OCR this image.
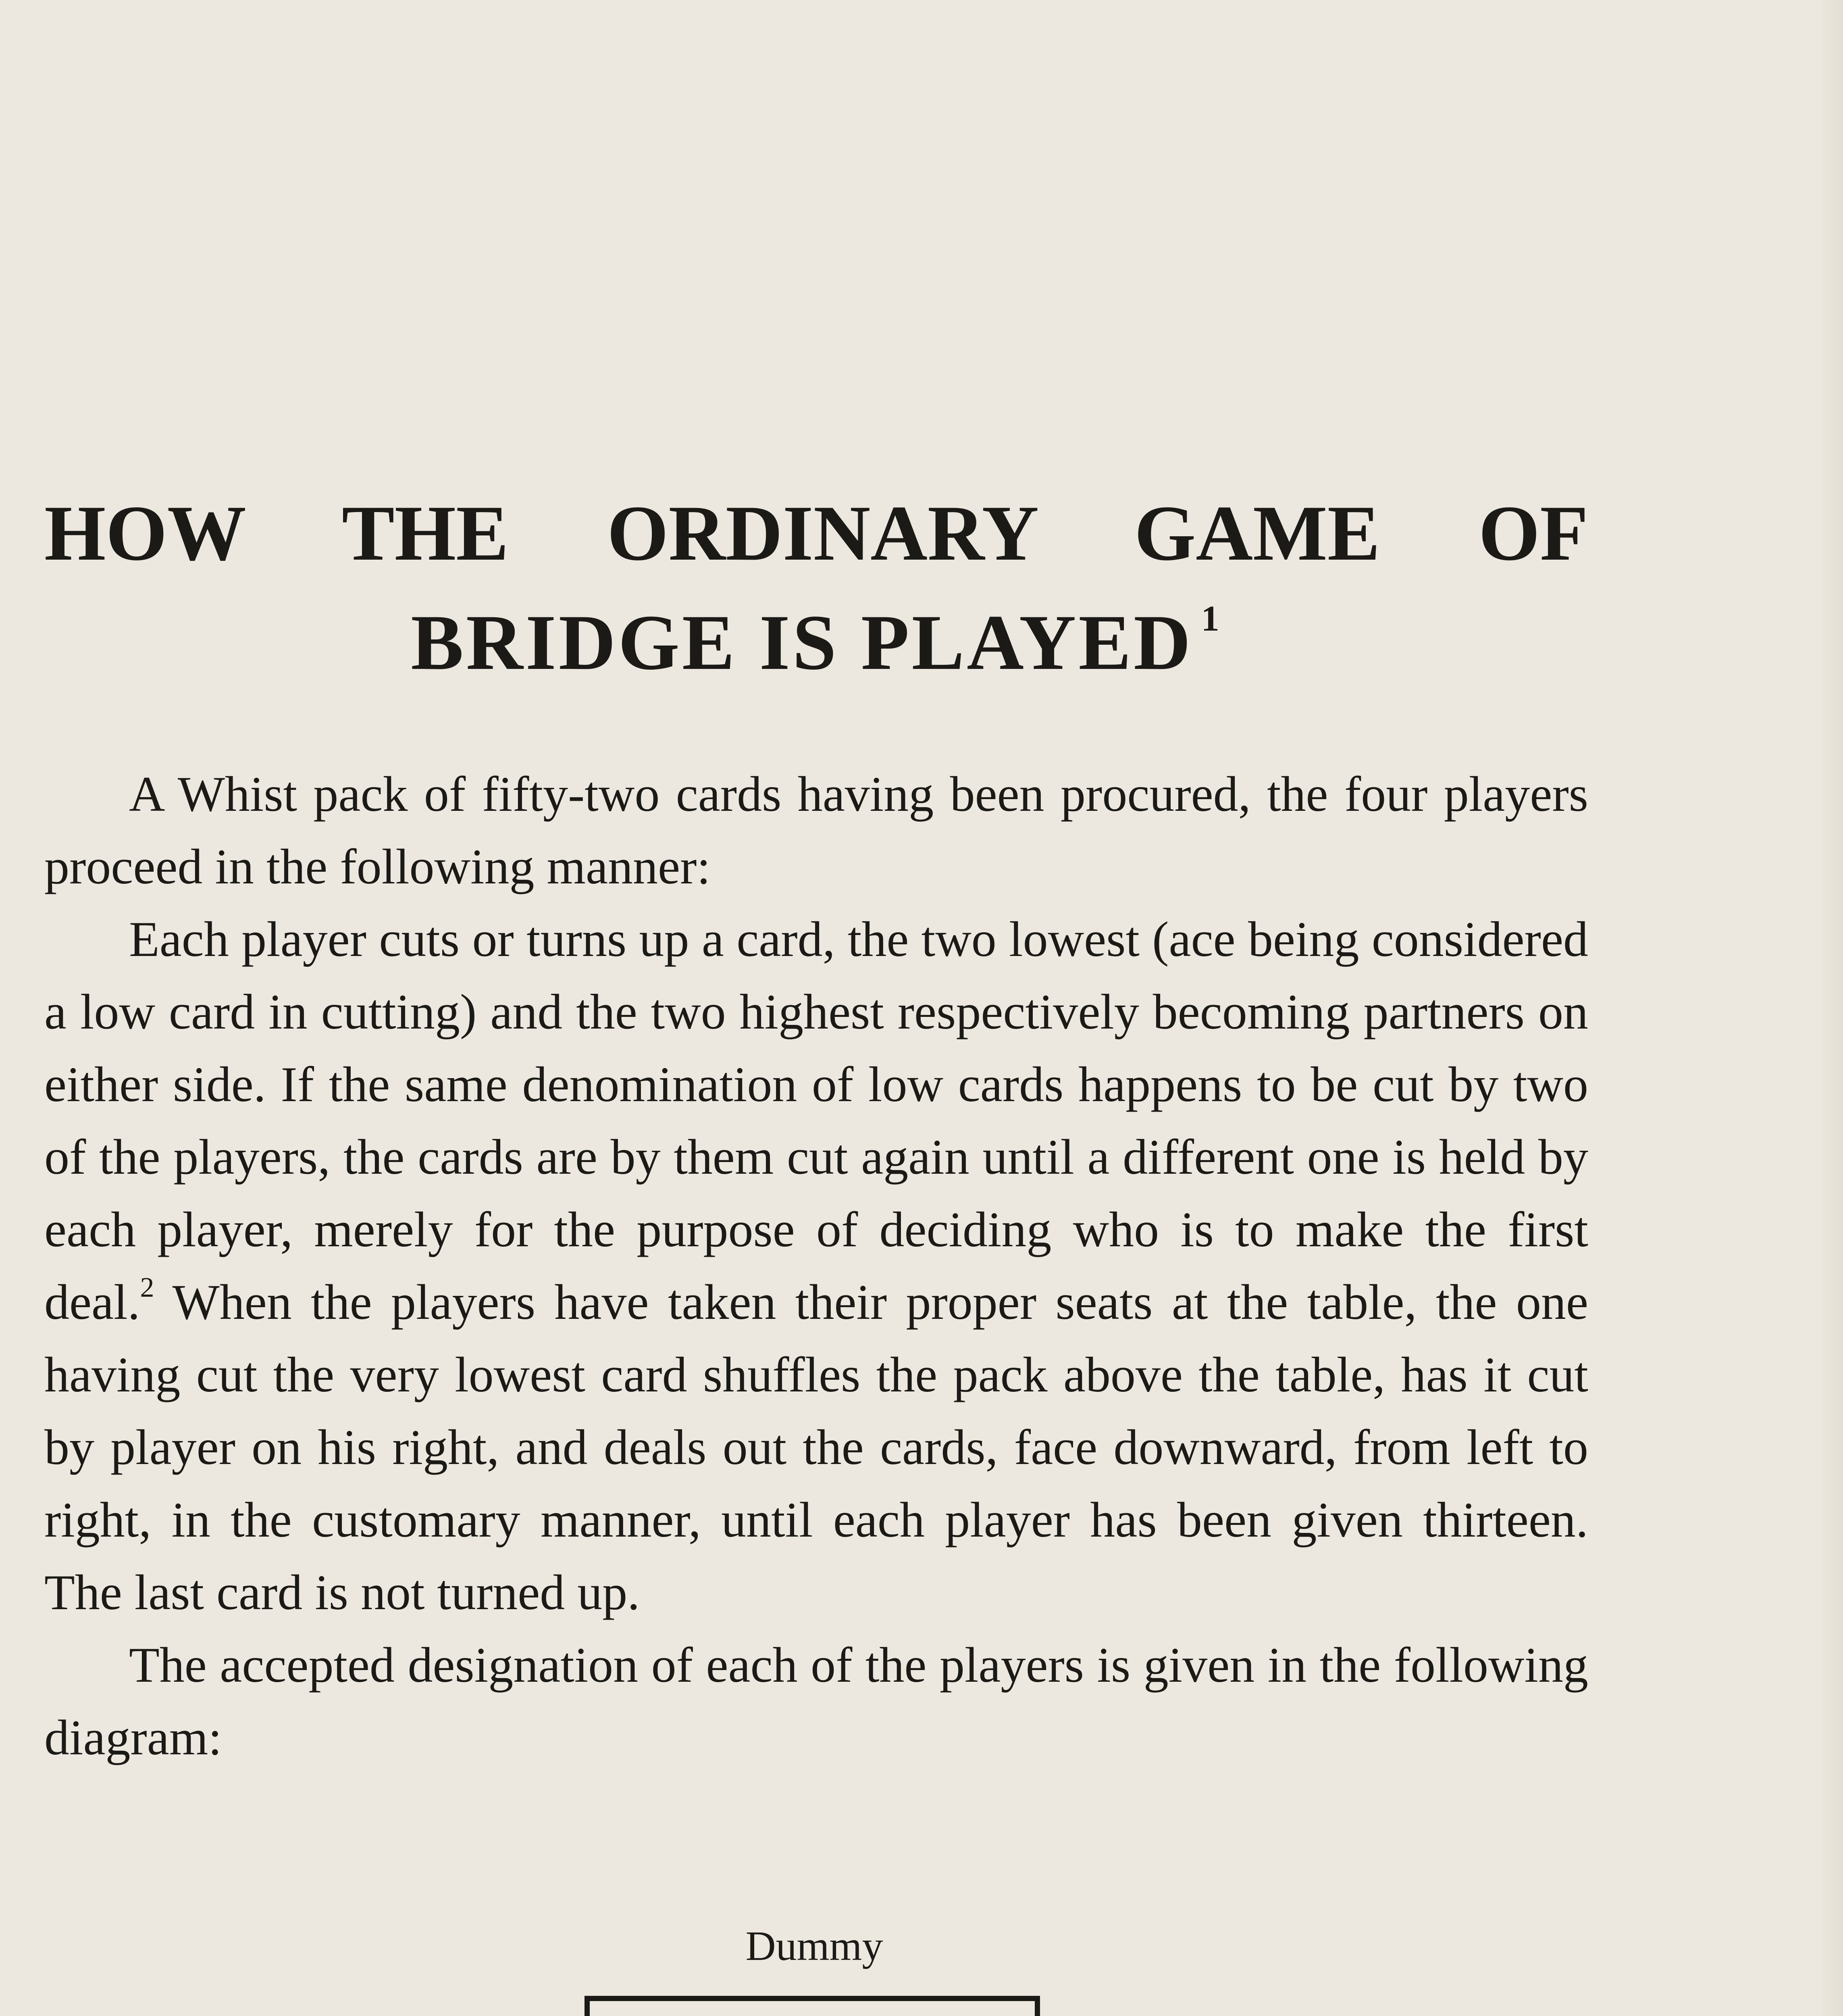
HOW THE ORDINARY GAME OF
BRIDGE IS PLAYED $^1$

A Whist pack of fifty-two cards having been procured, the four players proceed in the following manner:

Each player cuts or turns up a card, the two lowest (ace being considered a low card in cutting) and the two highest respectively becoming partners on either side. If the same denomination of low cards happens to be cut by two of the players, the cards are by them cut again until a different one is held by each player, merely for the purpose of deciding who is to make the first deal.$^2$ When the players have taken their proper seats at the table, the one having cut the very lowest card shuffles the pack above the table, has it cut by player on his right, and deals out the cards, face downward, from left to right, in the customary manner, until each player has been given thirteen. The last card is not turned up.

The accepted designation of each of the players is given in the following diagram:

Dummy
